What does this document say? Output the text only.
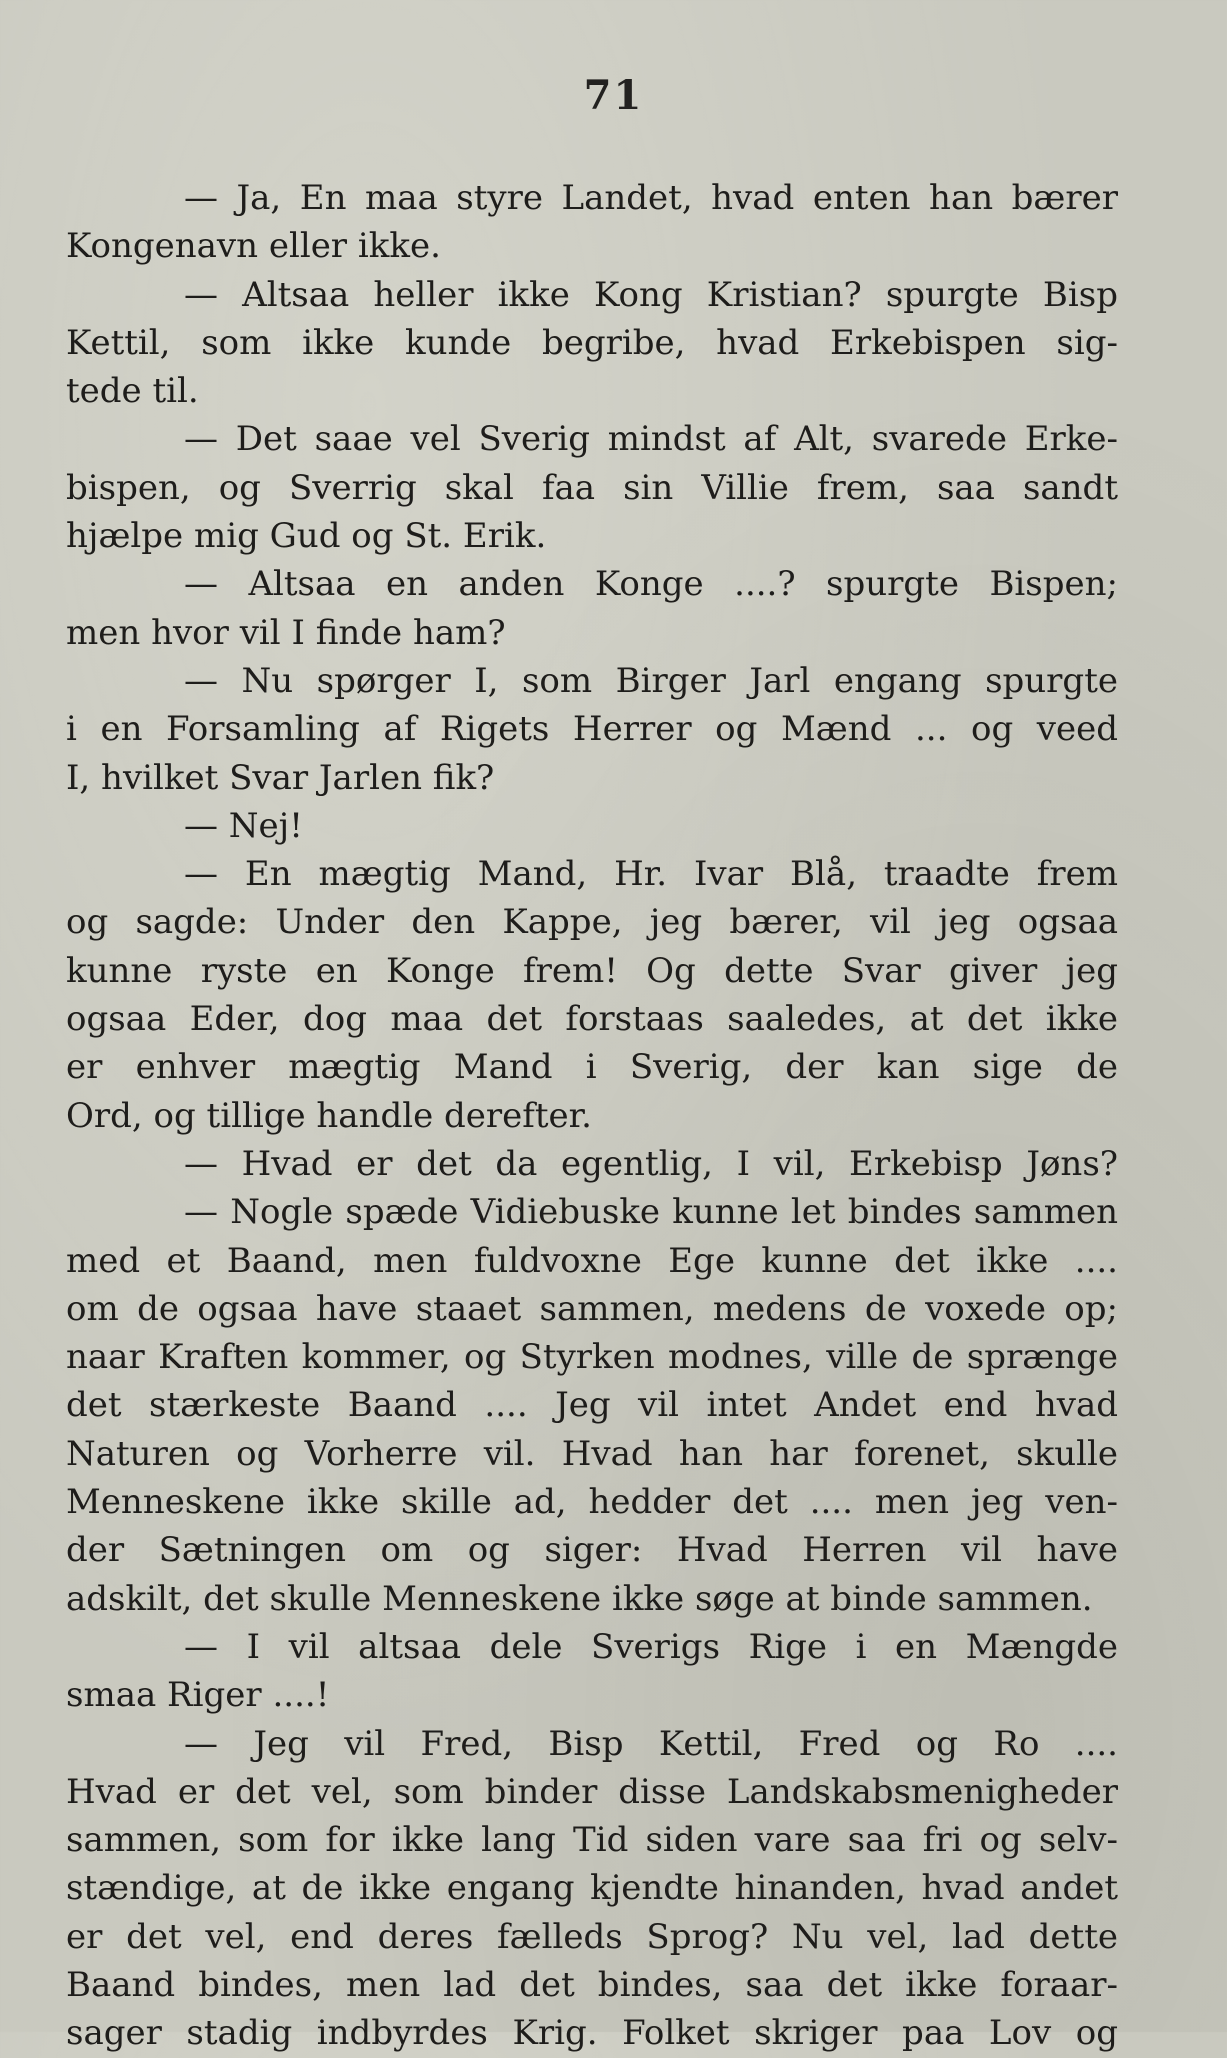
71
— Ja, En maa styre Landet, hvad enten han bærer
Kongenavn eller ikke.
— Altsaa heller ikke Kong Kristian? spurgte Bisp
Kettil, som ikke kunde begribe, hvad Erkebispen sig-
tede til.
— Det saae vel Sverig mindst af Alt, svarede Erke-
bispen, og Sverrig skal faa sin Villie frem, saa sandt
hjælpe mig Gud og St. Erik.
— Altsaa en anden Konge ....? spurgte Bispen;
men hvor vil I finde ham?
— Nu spørger I, som Birger Jarl engang spurgte
i en Forsamling af Rigets Herrer og Mænd ... og veed
I, hvilket Svar Jarlen fik?
— Nej!
— En mægtig Mand, Hr. Ivar Blå, traadte frem
og sagde: Under den Kappe, jeg bærer, vil jeg ogsaa
kunne ryste en Konge frem! Og dette Svar giver jeg
ogsaa Eder, dog maa det forstaas saaledes, at det ikke
er enhver mægtig Mand i Sverig, der kan sige de
Ord, og tillige handle derefter.
— Hvad er det da egentlig, I vil, Erkebisp Jøns?
— Nogle spæde Vidiebuske kunne let bindes sammen
med et Baand, men fuldvoxne Ege kunne det ikke ....
om de ogsaa have staaet sammen, medens de voxede op;
naar Kraften kommer, og Styrken modnes, ville de sprænge
det stærkeste Baand .... Jeg vil intet Andet end hvad
Naturen og Vorherre vil. Hvad han har forenet, skulle
Menneskene ikke skille ad, hedder det .... men jeg ven-
der Sætningen om og siger: Hvad Herren vil have
adskilt, det skulle Menneskene ikke søge at binde sammen.
— I vil altsaa dele Sverigs Rige i en Mængde
smaa Riger ....!
— Jeg vil Fred, Bisp Kettil, Fred og Ro ....
Hvad er det vel, som binder disse Landskabsmenigheder
sammen, som for ikke lang Tid siden vare saa fri og selv-
stændige, at de ikke engang kjendte hinanden, hvad andet
er det vel, end deres fælleds Sprog? Nu vel, lad dette
Baand bindes, men lad det bindes, saa det ikke foraar-
sager stadig indbyrdes Krig. Folket skriger paa Lov og
